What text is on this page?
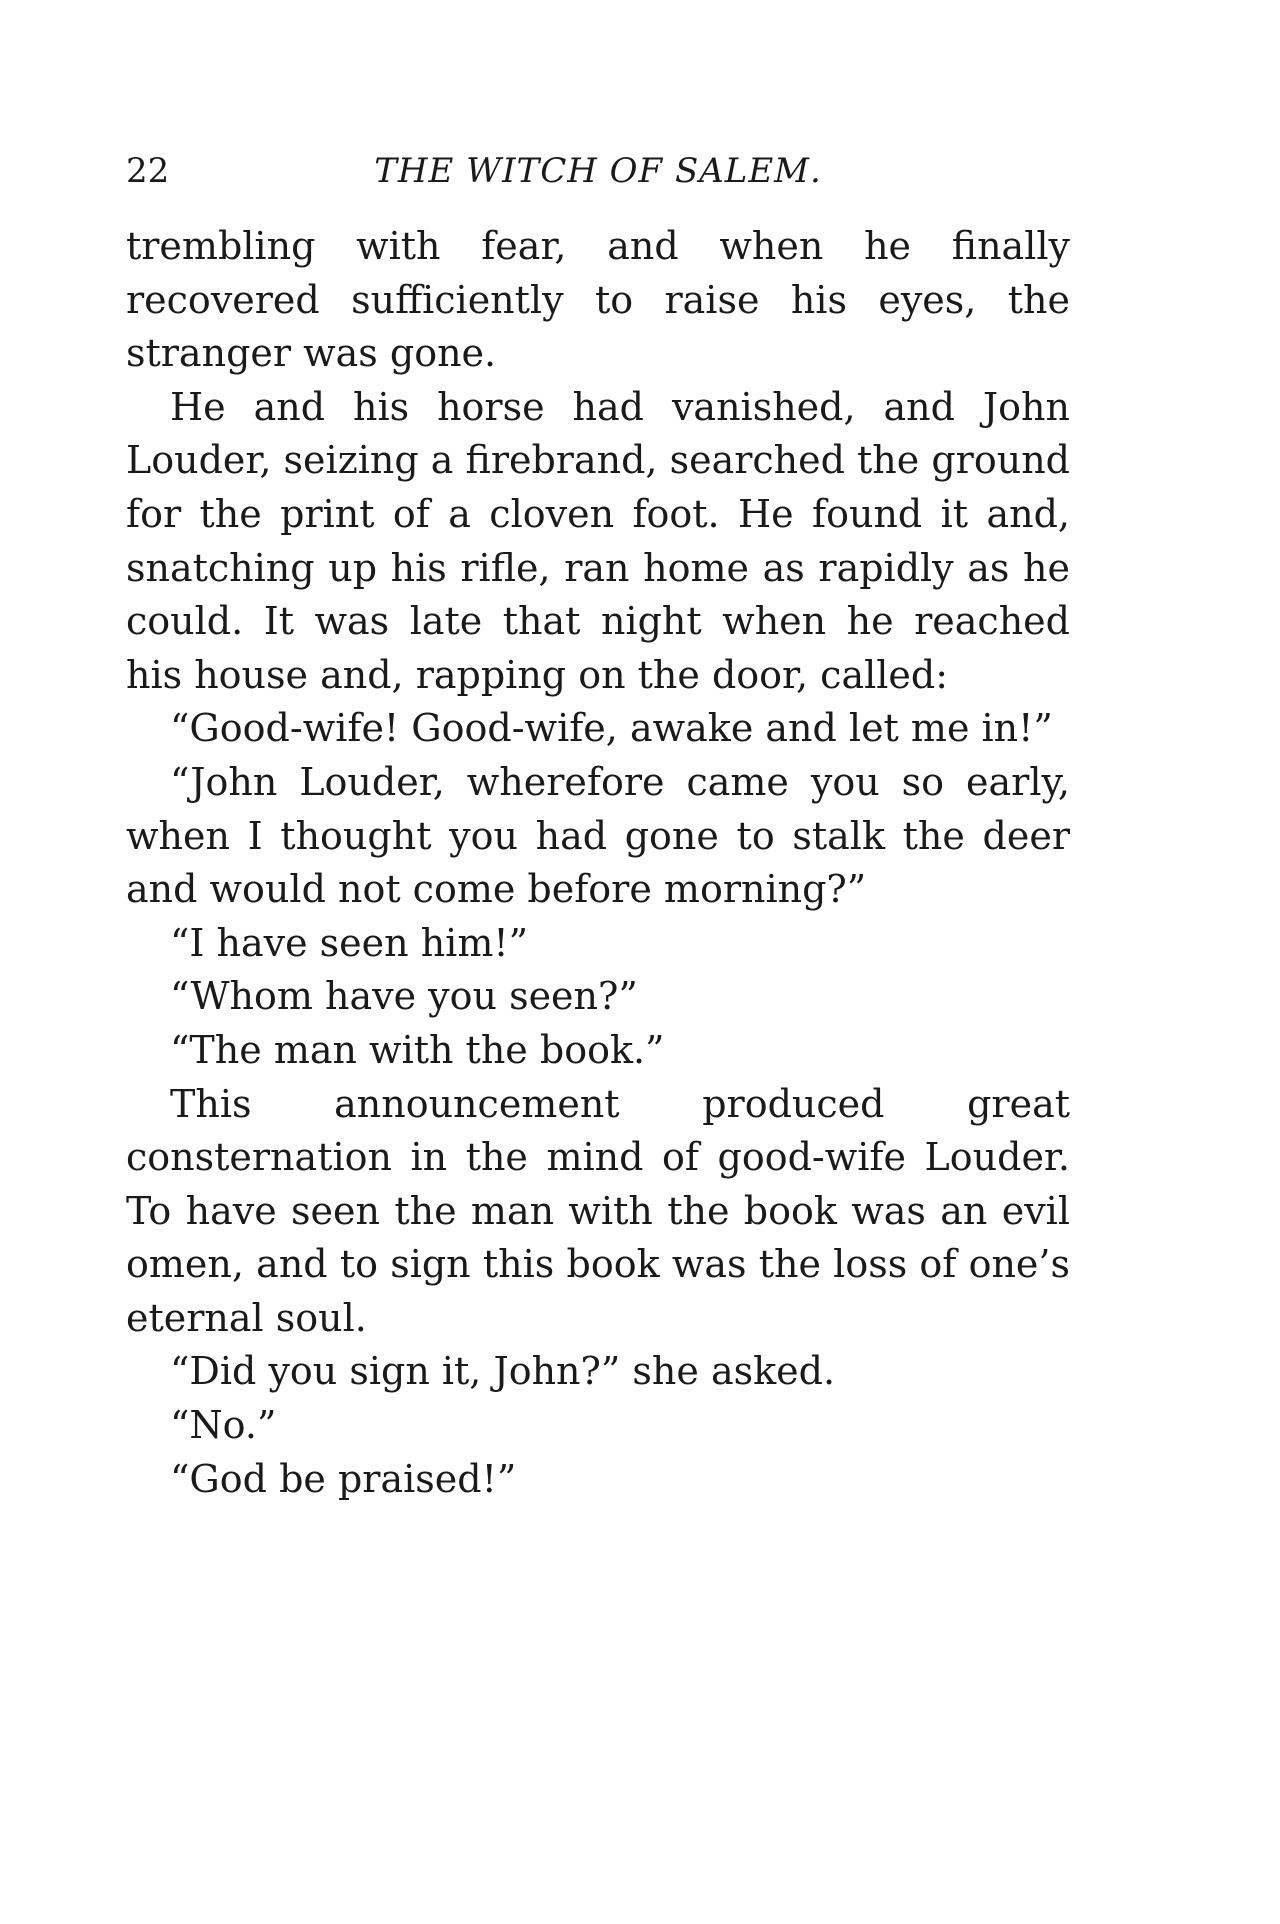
22	THE WITCH OF SALEM.

trembling with fear, and when he finally recovered sufficiently to raise his eyes, the stranger was gone.

He and his horse had vanished, and John Louder, seizing a firebrand, searched the ground for the print of a cloven foot. He found it and, snatching up his rifle, ran home as rapidly as he could. It was late that night when he reached his house and, rapping on the door, called:

“Good-wife! Good-wife, awake and let me in!”

“John Louder, wherefore came you so early, when I thought you had gone to stalk the deer and would not come before morning?”

“I have seen him!”

“Whom have you seen?”

“The man with the book.”

This announcement produced great consternation in the mind of good-wife Louder. To have seen the man with the book was an evil omen, and to sign this book was the loss of one’s eternal soul.

“Did you sign it, John?” she asked.

“No.”

“God be praised!”
